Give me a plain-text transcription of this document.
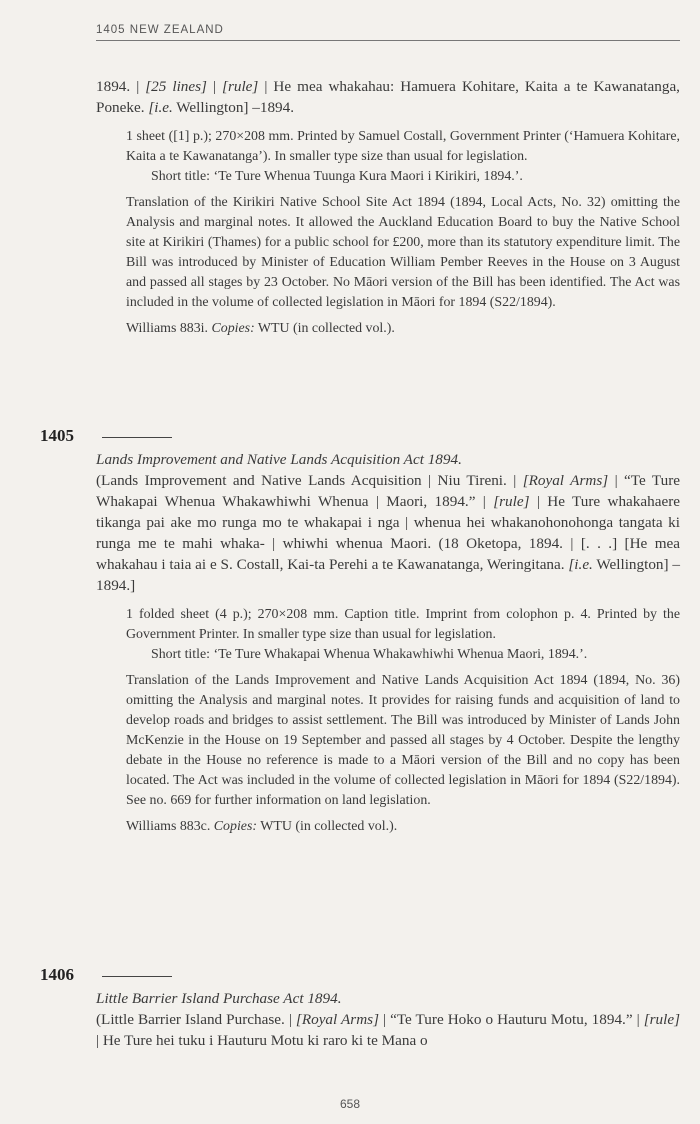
1405 NEW ZEALAND

1894. | [25 lines] | [rule] | He mea whakahau: Hamuera Kohitare, Kaita a te Kawanatanga, Poneke. [i.e. Wellington] –1894.

1 sheet ([1] p.); 270×208 mm. Printed by Samuel Costall, Government Printer (‘Hamuera Kohitare, Kaita a te Kawanatanga’). In smaller type size than usual for legislation.

Short title: ‘Te Ture Whenua Tuunga Kura Maori i Kirikiri, 1894.’.

Translation of the Kirikiri Native School Site Act 1894 (1894, Local Acts, No. 32) omitting the Analysis and marginal notes. It allowed the Auckland Education Board to buy the Native School site at Kirikiri (Thames) for a public school for £200, more than its statutory expenditure limit. The Bill was introduced by Minister of Education William Pember Reeves in the House on 3 August and passed all stages by 23 October. No Māori version of the Bill has been identified. The Act was included in the volume of collected legislation in Māori for 1894 (S22/1894).

Williams 883i. Copies: WTU (in collected vol.).

1405

Lands Improvement and Native Lands Acquisition Act 1894.

(Lands Improvement and Native Lands Acquisition | Niu Tireni. | [Royal Arms] | “Te Ture Whakapai Whenua Whakawhiwhi Whenua | Maori, 1894.” | [rule] | He Ture whakahaere tikanga pai ake mo runga mo te whakapai i nga | whenua hei whakanohonohonga tangata ki runga me te mahi whaka- | whiwhi whenua Maori. (18 Oketopa, 1894. | [. . .] [He mea whakahau i taia ai e S. Costall, Kai-ta Perehi a te Kawanatanga, Weringitana. [i.e. Wellington] –1894.]

1 folded sheet (4 p.); 270×208 mm. Caption title. Imprint from colophon p. 4. Printed by the Government Printer. In smaller type size than usual for legislation.

Short title: ‘Te Ture Whakapai Whenua Whakawhiwhi Whenua Maori, 1894.’.

Translation of the Lands Improvement and Native Lands Acquisition Act 1894 (1894, No. 36) omitting the Analysis and marginal notes. It provides for raising funds and acquisition of land to develop roads and bridges to assist settlement. The Bill was introduced by Minister of Lands John McKenzie in the House on 19 September and passed all stages by 4 October. Despite the lengthy debate in the House no reference is made to a Māori version of the Bill and no copy has been located. The Act was included in the volume of collected legislation in Māori for 1894 (S22/1894). See no. 669 for further information on land legislation.

Williams 883c. Copies: WTU (in collected vol.).

1406

Little Barrier Island Purchase Act 1894.

(Little Barrier Island Purchase. | [Royal Arms] | “Te Ture Hoko o Hauturu Motu, 1894.” | [rule] | He Ture hei tuku i Hauturu Motu ki raro ki te Mana o

658
